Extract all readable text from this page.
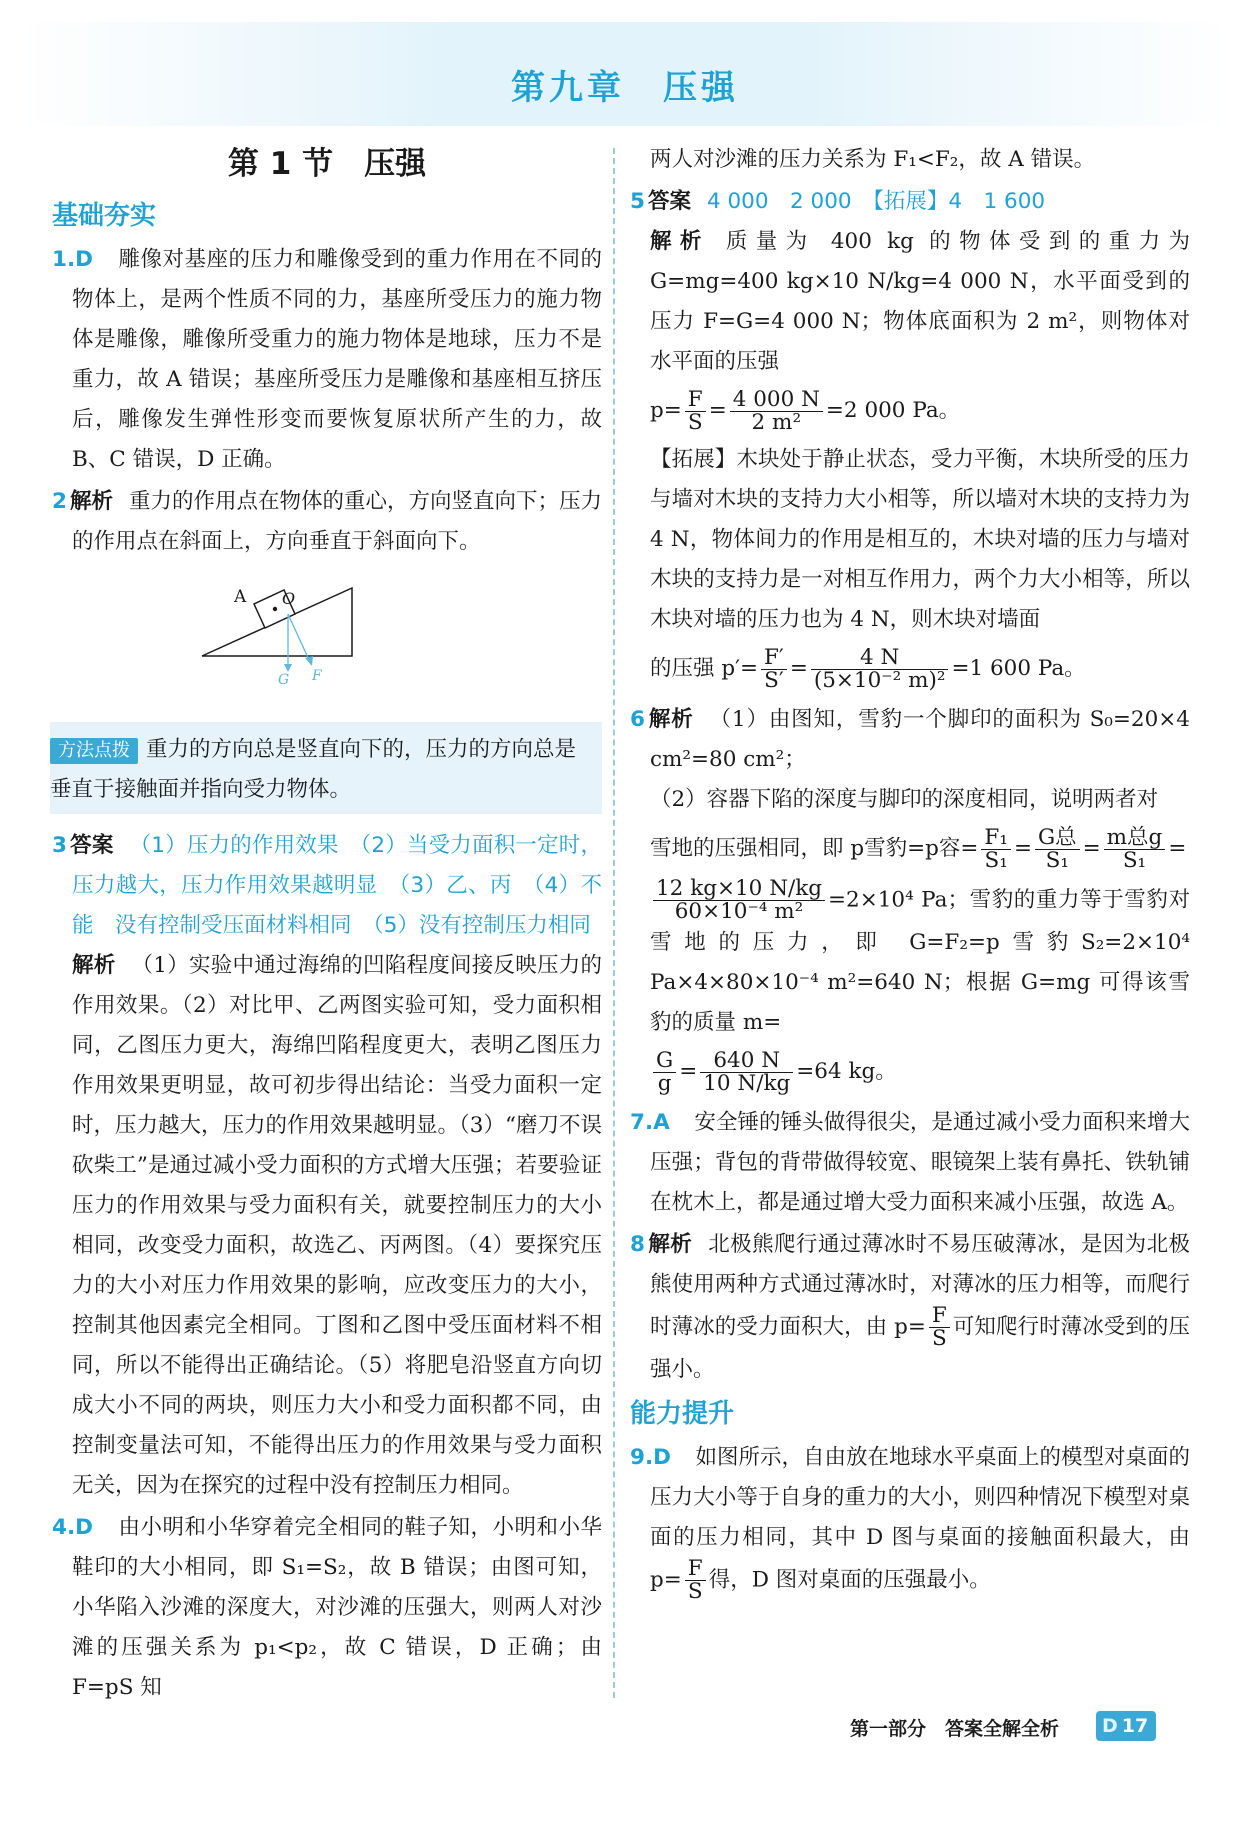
第九章　压强
第 1 节　压强
基础夯实

1.D　 雕像对基座的压力和雕像受到的重力作用在不同的物体上，是两个性质不同的力，基座所受压力的施力物体是雕像，雕像所受重力的施力物体是地球，压力不是重力，故 A 错误；基座所受压力是雕像和基座相互挤压后，雕像发生弹性形变而要恢复原状所产生的力，故 B、C 错误，D 正确。

2 解析 重力的作用点在物体的重心，方向竖直向下；压力的作用点在斜面上，方向垂直于斜面向下。

A O
G F
方法点拨 重力的方向总是竖直向下的，压力的方向总是垂直于接触面并指向受力物体。

3 答案 （1）压力的作用效果　（2）当受力面积一定时，压力越大，压力作用效果越明显　（3）乙、丙　（4）不能　没有控制受压面材料相同　（5）没有控制压力相同

解析 （1）实验中通过海绵的凹陷程度间接反映压力的作用效果。（2）对比甲、乙两图实验可知，受力面积相同，乙图压力更大，海绵凹陷程度更大，表明乙图压力作用效果更明显，故可初步得出结论：当受力面积一定时，压力越大，压力的作用效果越明显。（3）“磨刀不误砍柴工”是通过减小受力面积的方式增大压强；若要验证压力的作用效果与受力面积有关，就要控制压力的大小相同，改变受力面积，故选乙、丙两图。（4）要探究压力的大小对压力作用效果的影响，应改变压力的大小，控制其他因素完全相同。丁图和乙图中受压面材料不相同，所以不能得出正确结论。（5）将肥皂沿竖直方向切成大小不同的两块，则压力大小和受力面积都不同，由控制变量法可知，不能得出压力的作用效果与受力面积无关，因为在探究的过程中没有控制压力相同。

4.D　 由小明和小华穿着完全相同的鞋子知，小明和小华鞋印的大小相同，即 S₁=S₂，故 B 错误；由图可知，小华陷入沙滩的深度大，对沙滩的压强大，则两人对沙滩的压强关系为 p₁<p₂，故 C 错误，D 正确；由 F=pS 知

两人对沙滩的压力关系为 F₁<F₂，故 A 错误。

5 答案 4 000　2 000　【拓展】4　1 600

解析 质量为 400 kg 的物体受到的重力为 G=mg=400 kg×10 N/kg=4 000 N，水平面受到的压力 F=G=4 000 N；物体底面积为 2 m²，则物体对水平面的压强

$p= \frac{F}{S} = \frac{4 000 N}{\text{2 m²}} =2$ 000 Pa。

【拓展】木块处于静止状态，受力平衡，木块所受的压力与墙对木块的支持力大小相等，所以墙对木块的支持力为 4 N，物体间力的作用是相互的，木块对墙的压力与墙对木块的支持力是一对相互作用力，两个力大小相等，所以木块对墙的压力也为 4 N，则木块对墙面

的压强 $p'= \frac{F'}{S'} = \frac{4 N}{\text{(5×10⁻² m)²}} =1$ 600 Pa。

6 解析 （1）由图知，雪豹一个脚印的面积为 S₀=20×4 cm²=80 cm²；

（2）容器下陷的深度与脚印的深度相同，说明两者对

雪地的压强相同，即 p雪豹=p容= $\frac{\text{F₁}}{\text{S₁}} = \frac{\text{G总}}{\text{S₁}} = \frac{\text{m总g}}{\text{S₁}}$ =

$\frac{12 kg\times 10 N/kg}{\text{60×10⁻⁴ m²}} =2\times 10^4$ Pa；雪豹的重力等于雪豹对雪地的压力，即 G=F₂=p雪豹S₂=2×10⁴ Pa×4×80×10⁻⁴ m²=640 N；根据 G=mg 可得该雪豹的质量 m=

$\frac{G}{g} = \frac{640 N}{10 N/kg} =64$ kg。

7.A　 安全锤的锤头做得很尖，是通过减小受力面积来增大压强；背包的背带做得较宽、眼镜架上装有鼻托、铁轨铺在枕木上，都是通过增大受力面积来减小压强，故选 A。

8 解析 北极熊爬行通过薄冰时不易压破薄冰，是因为北极熊使用两种方式通过薄冰时，对薄冰的压力相等，而爬行时薄冰的受力面积大，由 $p= \frac{F}{S}$ 可知爬行时薄冰受到的压强小。

能力提升

9.D　 如图所示，自由放在地球水平桌面上的模型对桌面的压力大小等于自身的重力的大小，则四种情况下模型对桌面的压力相同，其中 D 图与桌面的接触面积最大，由 $p= \frac{F}{S}$ 得，D 图对桌面的压强最小。

第一部分　答案全解全析	D 17
